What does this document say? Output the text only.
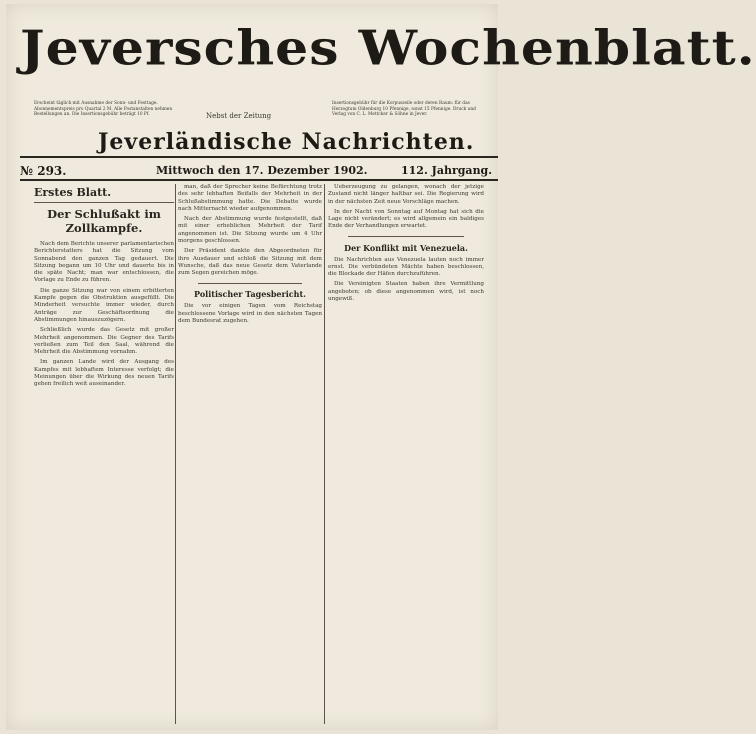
Jeversches Wochenblatt.
Erscheint täglich mit Ausnahme der Sonn- und Festtage. Abonnementspreis pro Quartal 2 M. Alle Postanstalten nehmen Bestellungen an. Die Insertionsgebühr beträgt 10 Pf.	Nebst der Zeitung
Insertionsgebühr für die Korpuszeile oder deren Raum: für das Herzogtum Oldenburg 10 Pfennige, sonst 15 Pfennige. Druck und Verlag von C. L. Mettcker & Söhne in Jever.
Jeverländische Nachrichten.
№ 293.	Mittwoch den 17. Dezember 1902.	112. Jahrgang.
Erstes Blatt.
Der Schlußakt im Zollkampfe.

Nach dem Berichte unserer parlamentarischen Berichterstatters hat die Sitzung vom Sonnabend den ganzen Tag gedauert. Die Sitzung begann um 10 Uhr und dauerte bis in die späte Nacht; man war entschlossen, die Vorlage zu Ende zu führen.

Die ganze Sitzung war von einem erbitterten Kampfe gegen die Obstruktion ausgefüllt. Die Minderheit versuchte immer wieder, durch Anträge zur Geschäftsordnung die Abstimmungen hinauszuzögern.

Schließlich wurde das Gesetz mit großer Mehrheit angenommen. Die Gegner des Tarifs verließen zum Teil den Saal, während die Mehrheit die Abstimmung vornahm.

Im ganzen Lande wird der Ausgang des Kampfes mit lebhaftem Interesse verfolgt; die Meinungen über die Wirkung des neuen Tarifs gehen freilich weit auseinander.

man, daß der Sprecher keine Befürchtung trotz des sehr lebhaften Beifalls der Mehrheit in der Schlußabstimmung hatte. Die Debatte wurde nach Mitternacht wieder aufgenommen.

Nach der Abstimmung wurde festgestellt, daß mit einer erheblichen Mehrheit der Tarif angenommen ist. Die Sitzung wurde um 4 Uhr morgens geschlossen.

Der Präsident dankte den Abgeordneten für ihre Ausdauer und schloß die Sitzung mit dem Wunsche, daß das neue Gesetz dem Vaterlande zum Segen gereichen möge.

Politischer Tagesbericht.

Die vor einigen Tagen vom Reichstag beschlossene Vorlage wird in den nächsten Tagen dem Bundesrat zugehen.

Ueberzeugung zu gelangen, wonach der jetzige Zustand nicht länger haltbar sei. Die Regierung wird in der nächsten Zeit neue Vorschläge machen.

In der Nacht von Sonntag auf Montag hat sich die Lage nicht verändert; es wird allgemein ein baldiges Ende der Verhandlungen erwartet.

Der Konflikt mit Venezuela.

Die Nachrichten aus Venezuela lauten noch immer ernst. Die verbündeten Mächte haben beschlossen, die Blockade der Häfen durchzuführen.

Die Vereinigten Staaten haben ihre Vermittlung angeboten; ob diese angenommen wird, ist noch ungewiß.
